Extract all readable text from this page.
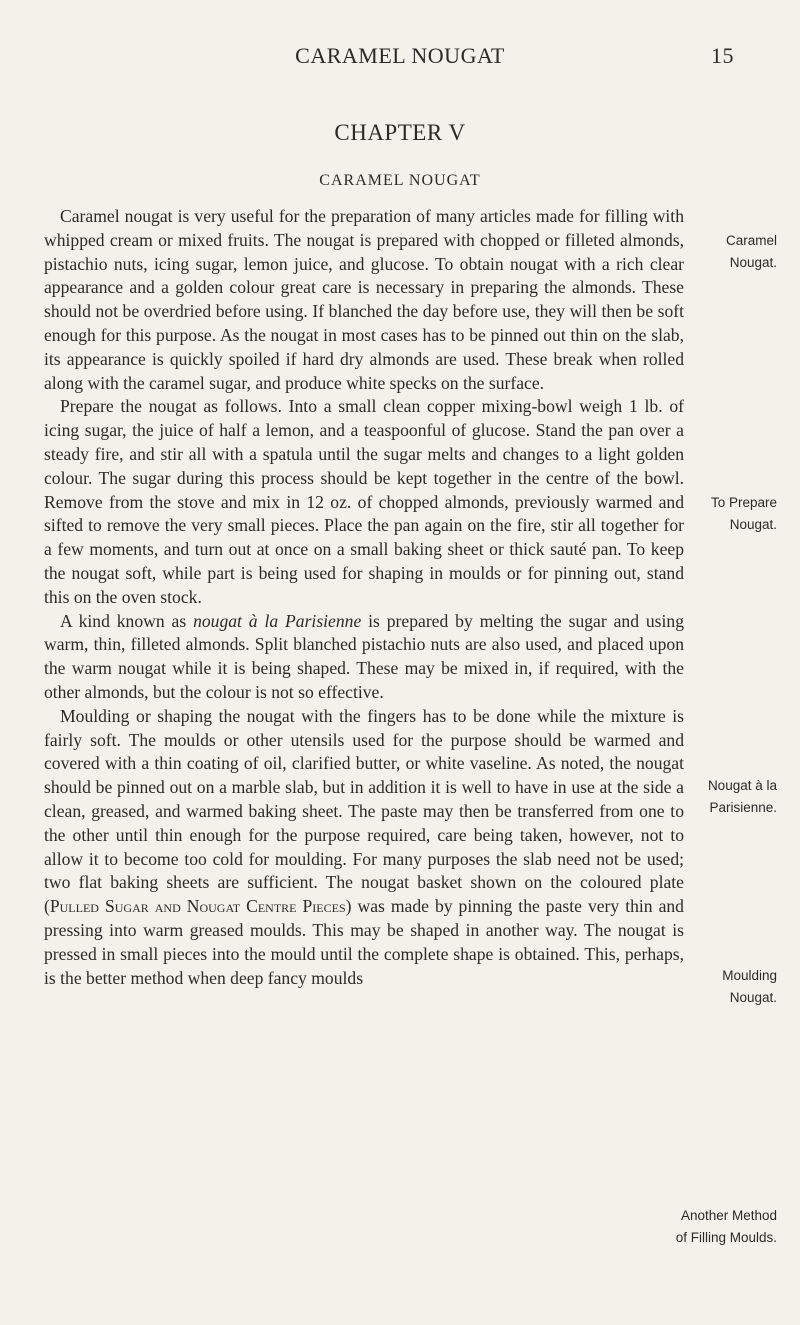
CARAMEL NOUGAT	15
CHAPTER V
CARAMEL NOUGAT

Caramel nougat is very useful for the preparation of many articles made for filling with whipped cream or mixed fruits. The nougat is prepared with chopped or filleted almonds, pistachio nuts, icing sugar, lemon juice, and glucose. To obtain nougat with a rich clear appearance and a golden colour great care is necessary in preparing the almonds. These should not be overdried before using. If blanched the day before use, they will then be soft enough for this purpose. As the nougat in most cases has to be pinned out thin on the slab, its appearance is quickly spoiled if hard dry almonds are used. These break when rolled along with the caramel sugar, and produce white specks on the surface.

Prepare the nougat as follows. Into a small clean copper mixing-bowl weigh 1 lb. of icing sugar, the juice of half a lemon, and a teaspoonful of glucose. Stand the pan over a steady fire, and stir all with a spatula until the sugar melts and changes to a light golden colour. The sugar during this process should be kept together in the centre of the bowl. Remove from the stove and mix in 12 oz. of chopped almonds, previously warmed and sifted to remove the very small pieces. Place the pan again on the fire, stir all together for a few moments, and turn out at once on a small baking sheet or thick sauté pan. To keep the nougat soft, while part is being used for shaping in moulds or for pinning out, stand this on the oven stock.

A kind known as nougat à la Parisienne is prepared by melting the sugar and using warm, thin, filleted almonds. Split blanched pistachio nuts are also used, and placed upon the warm nougat while it is being shaped. These may be mixed in, if required, with the other almonds, but the colour is not so effective.

Moulding or shaping the nougat with the fingers has to be done while the mixture is fairly soft. The moulds or other utensils used for the purpose should be warmed and covered with a thin coating of oil, clarified butter, or white vaseline. As noted, the nougat should be pinned out on a marble slab, but in addition it is well to have in use at the side a clean, greased, and warmed baking sheet. The paste may then be transferred from one to the other until thin enough for the purpose required, care being taken, however, not to allow it to become too cold for moulding. For many purposes the slab need not be used; two flat baking sheets are sufficient. The nougat basket shown on the coloured plate (Pulled Sugar and Nougat Centre Pieces) was made by pinning the paste very thin and pressing into warm greased moulds. This may be shaped in another way. The nougat is pressed in small pieces into the mould until the complete shape is obtained. This, perhaps, is the better method when deep fancy moulds

Caramel
Nougat.
To Prepare
Nougat.
Nougat à la
Parisienne.
Moulding
Nougat.
Another Method
of Filling Moulds.
